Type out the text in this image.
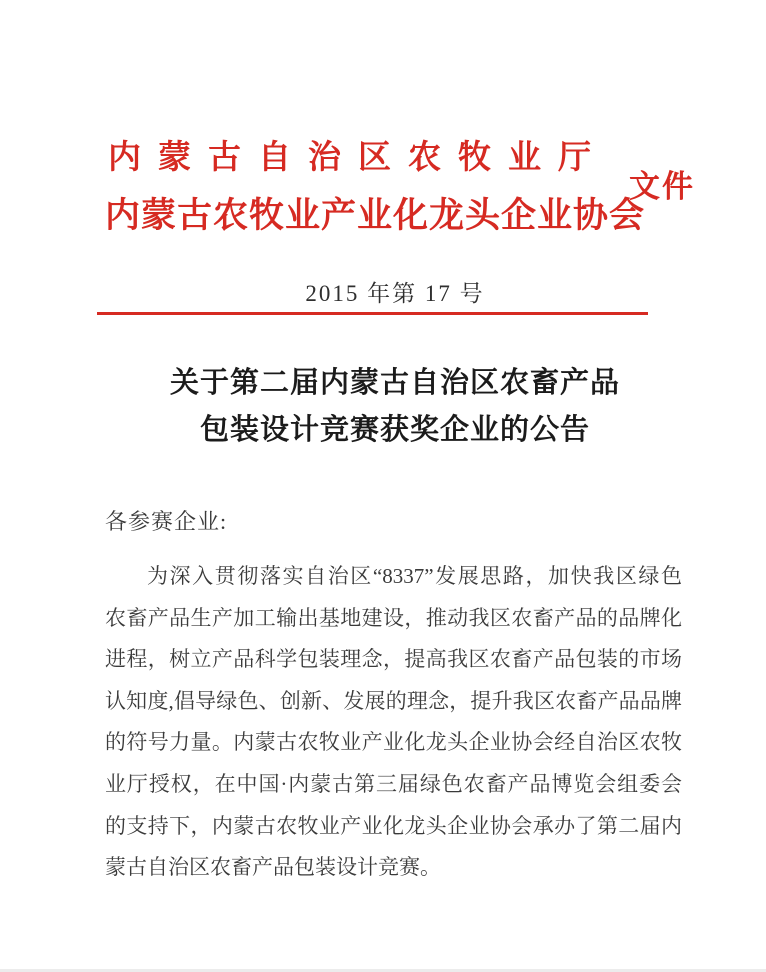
内蒙古自治区农牧业厅
内蒙古农牧业产业化龙头企业协会
文件
2015 年第 17 号
关于第二届内蒙古自治区农畜产品
包装设计竞赛获奖企业的公告
各参赛企业:
为深入贯彻落实自治区“8337”发展思路，加快我区绿色
农畜产品生产加工输出基地建设，推动我区农畜产品的品牌化
进程，树立产品科学包装理念，提高我区农畜产品包装的市场
认知度,倡导绿色、创新、发展的理念，提升我区农畜产品品牌
的符号力量。内蒙古农牧业产业化龙头企业协会经自治区农牧
业厅授权，在中国·内蒙古第三届绿色农畜产品博览会组委会
的支持下，内蒙古农牧业产业化龙头企业协会承办了第二届内
蒙古自治区农畜产品包装设计竞赛。
